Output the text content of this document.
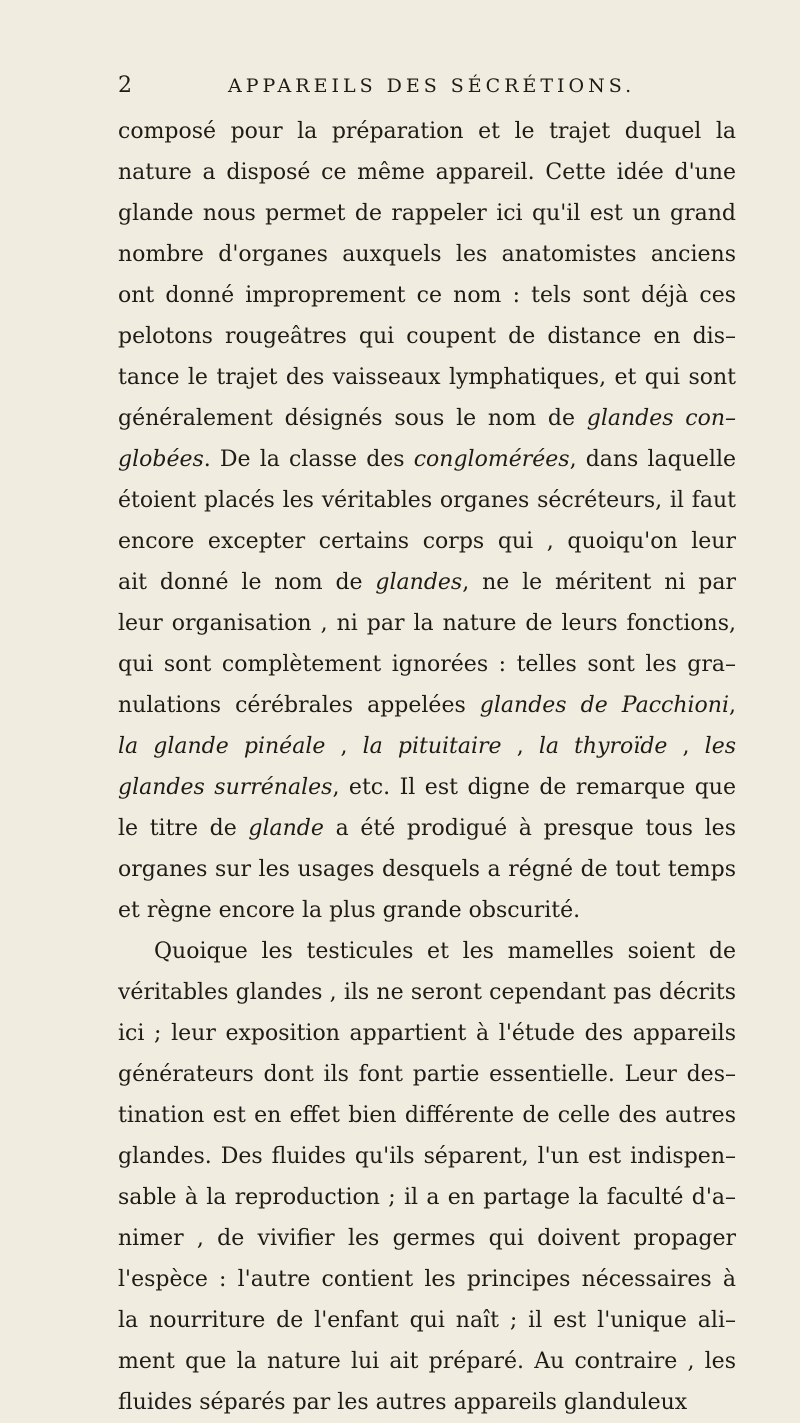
2	APPAREILS DES SÉCRÉTIONS.
composé pour la préparation et le trajet duquel la
nature a disposé ce même appareil. Cette idée d'une
glande nous permet de rappeler ici qu'il est un grand
nombre d'organes auxquels les anatomistes anciens
ont donné improprement ce nom : tels sont déjà ces
pelotons rougeâtres qui coupent de distance en dis–
tance le trajet des vaisseaux lymphatiques, et qui sont
généralement désignés sous le nom de glandes con–
globées. De la classe des conglomérées, dans laquelle
étoient placés les véritables organes sécréteurs, il faut
encore excepter certains corps qui , quoiqu'on leur
ait donné le nom de glandes, ne le méritent ni par
leur organisation , ni par la nature de leurs fonctions,
qui sont complètement ignorées : telles sont les gra–
nulations cérébrales appelées glandes de Pacchioni,
la glande pinéale , la pituitaire , la thyroïde , les
glandes surrénales, etc. Il est digne de remarque que
le titre de glande a été prodigué à presque tous les
organes sur les usages desquels a régné de tout temps
et règne encore la plus grande obscurité.
Quoique les testicules et les mamelles soient de
véritables glandes , ils ne seront cependant pas décrits
ici ; leur exposition appartient à l'étude des appareils
générateurs dont ils font partie essentielle. Leur des–
tination est en effet bien différente de celle des autres
glandes. Des fluides qu'ils séparent, l'un est indispen–
sable à la reproduction ; il a en partage la faculté d'a–
nimer , de vivifier les germes qui doivent propager
l'espèce : l'autre contient les principes nécessaires à
la nourriture de l'enfant qui naît ; il est l'unique ali–
ment que la nature lui ait préparé. Au contraire , les
fluides séparés par les autres appareils glanduleux
